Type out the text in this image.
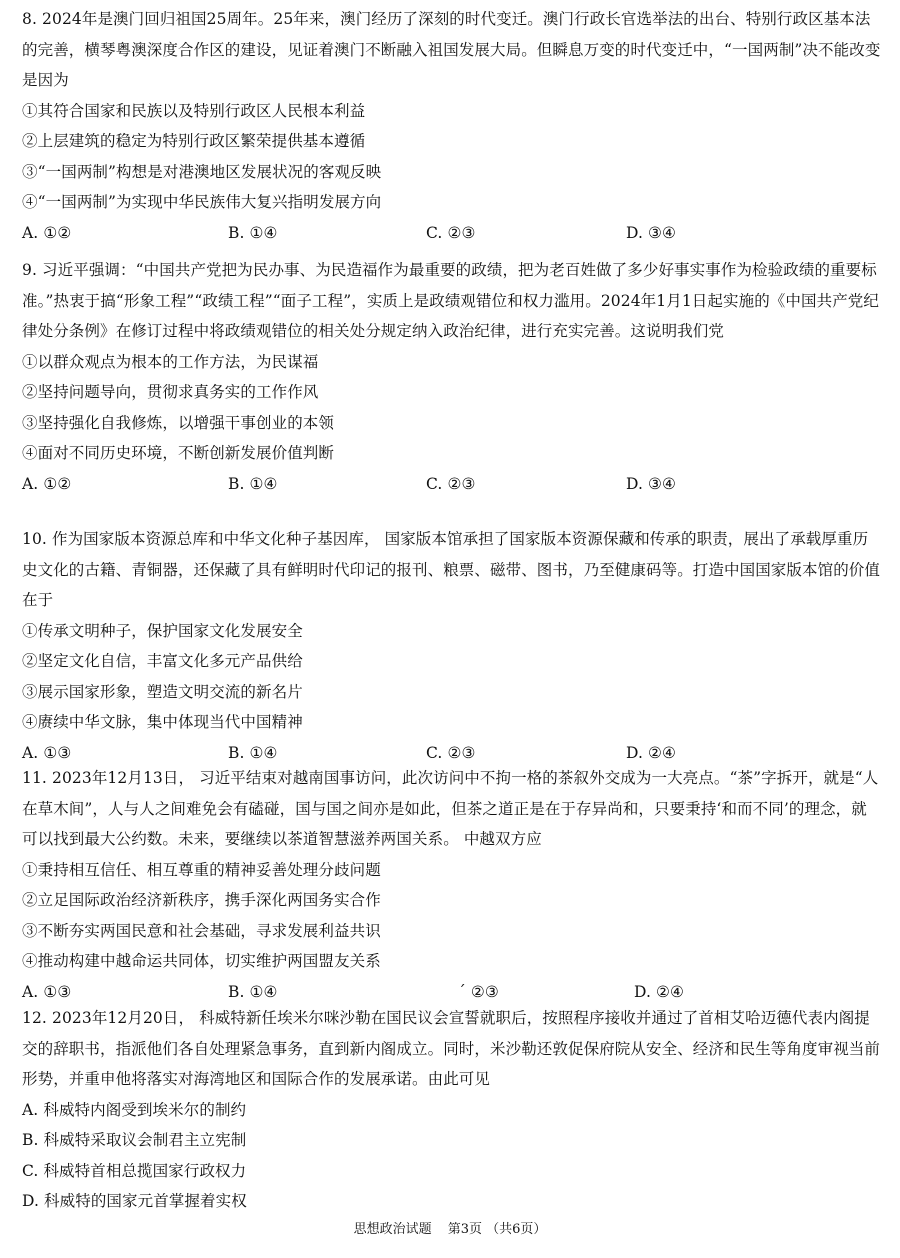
8. 2024年是澳门回归祖国25周年。25年来，澳门经历了深刻的时代变迁。澳门行政长官选举法的出台、特别行政区基本法的完善，横琴粤澳深度合作区的建设，见证着澳门不断融入祖国发展大局。但瞬息万变的时代变迁中，“一国两制”决不能改变 是因为

①其符合国家和民族以及特别行政区人民根本利益

②上层建筑的稳定为特别行政区繁荣提供基本遵循

③“一国两制”构想是对港澳地区发展状况的客观反映

④“一国两制”为实现中华民族伟大复兴指明发展方向

A. ①②	B. ①④	C. ②③	D. ③④

9. 习近平强调：“中国共产党把为民办事、为民造福作为最重要的政绩，把为老百姓做了多少好事实事作为检验政绩的重要标准。”热衷于搞“形象工程”“政绩工程”“面子工程”，实质上是政绩观错位和权力滥用。2024年1月1日起实施的《中国共产党纪律处分条例》在修订过程中将政绩观错位的相关处分规定纳入政治纪律，进行充实完善。这说明我们党

①以群众观点为根本的工作方法，为民谋福

②坚持问题导向，贯彻求真务实的工作作风

③坚持强化自我修炼，以增强干事创业的本领

④面对不同历史环境，不断创新发展价值判断

A. ①②	B. ①④	C. ②③	D. ③④

10. 作为国家版本资源总库和中华文化种子基因库， 国家版本馆承担了国家版本资源保藏和传承的职责，展出了承载厚重历史文化的古籍、青铜器，还保藏了具有鲜明时代印记的报刊、粮票、磁带、图书，乃至健康码等。打造中国国家版本馆的价值在于

①传承文明种子，保护国家文化发展安全

②坚定文化自信，丰富文化多元产品供给

③展示国家形象，塑造文明交流的新名片

④赓续中华文脉，集中体现当代中国精神

A. ①③	B. ①④	C. ②③	D. ②④

11. 2023年12月13日， 习近平结束对越南国事访问，此次访问中不拘一格的茶叙外交成为一大亮点。“茶”字拆开，就是“人在草木间”，人与人之间难免会有磕碰，国与国之间亦是如此，但茶之道正是在于存异尚和，只要秉持‘和而不同’的理念，就可以找到最大公约数。未来，要继续以茶道智慧滋养两国关系。 中越双方应

①秉持相互信任、相互尊重的精神妥善处理分歧问题

②立足国际政治经济新秩序，携手深化两国务实合作

③不断夯实两国民意和社会基础，寻求发展利益共识

④推动构建中越命运共同体，切实维护两国盟友关系

A. ①③	B. ①④	´ ②③	D. ②④

12. 2023年12月20日， 科威特新任埃米尔咪沙勒在国民议会宣誓就职后，按照程序接收并通过了首相艾哈迈德代表内阁提交的辞职书，指派他们各自处理紧急事务，直到新内阁成立。同时，米沙勒还敦促保府院从安全、经济和民生等角度审视当前形势，并重申他将落实对海湾地区和国际合作的发展承诺。由此可见

A. 科威特内阁受到埃米尔的制约

B. 科威特采取议会制君主立宪制

C. 科威特首相总揽国家行政权力

D. 科威特的国家元首掌握着实权

思想政治试题 第3页 （共6页）
